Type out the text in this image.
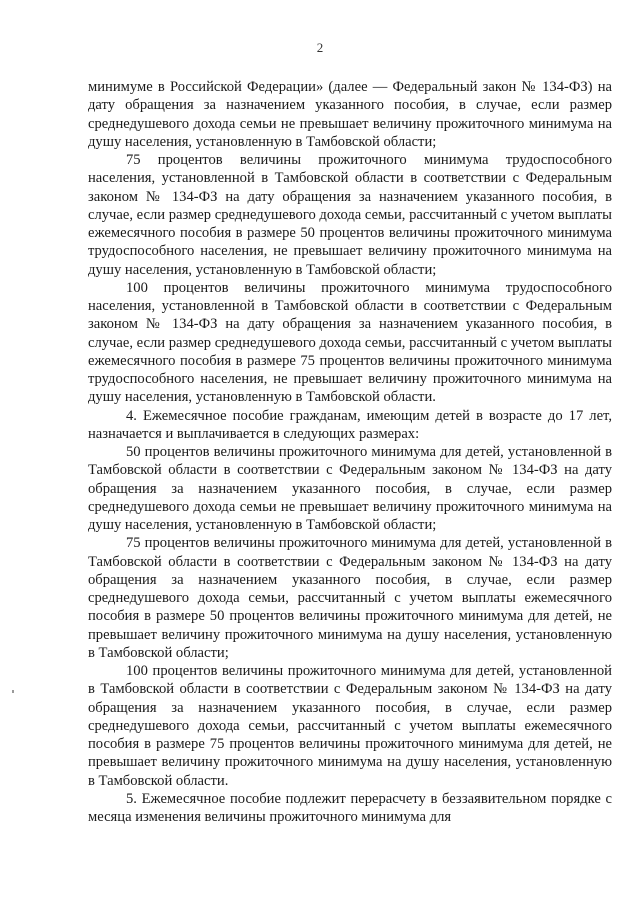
2

минимуме в Российской Федерации» (далее — Федеральный закон № 134-ФЗ) на дату обращения за назначением указанного пособия, в случае, если размер среднедушевого дохода семьи не превышает величину прожиточного минимума на душу населения, установленную в Тамбовской области;

75 процентов величины прожиточного минимума трудоспособного населения, установленной в Тамбовской области в соответствии с Федеральным законом № 134-ФЗ на дату обращения за назначением указанного пособия, в случае, если размер среднедушевого дохода семьи, рассчитанный с учетом выплаты ежемесячного пособия в размере 50 процентов величины прожиточного минимума трудоспособного населения, не превышает величину прожиточного минимума на душу населения, установленную в Тамбовской области;

100 процентов величины прожиточного минимума трудоспособного населения, установленной в Тамбовской области в соответствии с Федеральным законом № 134-ФЗ на дату обращения за назначением указанного пособия, в случае, если размер среднедушевого дохода семьи, рассчитанный с учетом выплаты ежемесячного пособия в размере 75 процентов величины прожиточного минимума трудоспособного населения, не превышает величину прожиточного минимума на душу населения, установленную в Тамбовской области.

4. Ежемесячное пособие гражданам, имеющим детей в возрасте до 17 лет, назначается и выплачивается в следующих размерах:

50 процентов величины прожиточного минимума для детей, установленной в Тамбовской области в соответствии с Федеральным законом № 134-ФЗ на дату обращения за назначением указанного пособия, в случае, если размер среднедушевого дохода семьи не превышает величину прожиточного минимума на душу населения, установленную в Тамбовской области;

75 процентов величины прожиточного минимума для детей, установленной в Тамбовской области в соответствии с Федеральным законом № 134-ФЗ на дату обращения за назначением указанного пособия, в случае, если размер среднедушевого дохода семьи, рассчитанный с учетом выплаты ежемесячного пособия в размере 50 процентов величины прожиточного минимума для детей, не превышает величину прожиточного минимума на душу населения, установленную в Тамбовской области;

100 процентов величины прожиточного минимума для детей, установленной в Тамбовской области в соответствии с Федеральным законом № 134-ФЗ на дату обращения за назначением указанного пособия, в случае, если размер среднедушевого дохода семьи, рассчитанный с учетом выплаты ежемесячного пособия в размере 75 процентов величины прожиточного минимума для детей, не превышает величину прожиточного минимума на душу населения, установленную в Тамбовской области.

5. Ежемесячное пособие подлежит перерасчету в беззаявительном порядке с месяца изменения величины прожиточного минимума для
